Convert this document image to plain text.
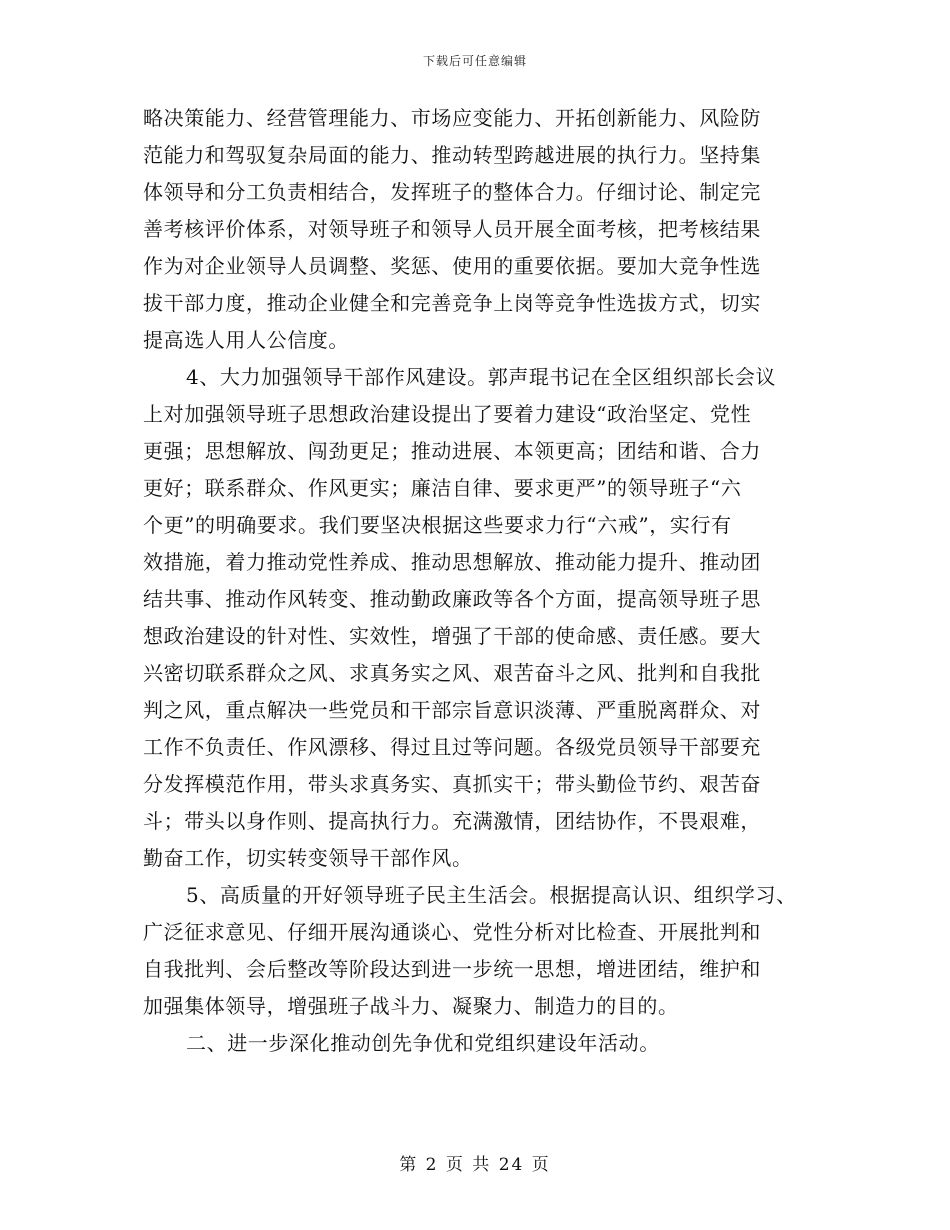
下载后可任意编辑
略决策能力、经营管理能力、市场应变能力、开拓创新能力、风险防
范能力和驾驭复杂局面的能力、推动转型跨越进展的执行力。坚持集
体领导和分工负责相结合，发挥班子的整体合力。仔细讨论、制定完
善考核评价体系，对领导班子和领导人员开展全面考核，把考核结果
作为对企业领导人员调整、奖惩、使用的重要依据。要加大竞争性选
拔干部力度，推动企业健全和完善竞争上岗等竞争性选拔方式，切实
提高选人用人公信度。
4、大力加强领导干部作风建设。郭声琨书记在全区组织部长会议
上对加强领导班子思想政治建设提出了要着力建设“政治坚定、党性
更强；思想解放、闯劲更足；推动进展、本领更高；团结和谐、合力
更好；联系群众、作风更实；廉洁自律、要求更严”的领导班子“六
个更”的明确要求。我们要坚决根据这些要求力行“六戒”，实行有
效措施，着力推动党性养成、推动思想解放、推动能力提升、推动团
结共事、推动作风转变、推动勤政廉政等各个方面，提高领导班子思
想政治建设的针对性、实效性，增强了干部的使命感、责任感。要大
兴密切联系群众之风、求真务实之风、艰苦奋斗之风、批判和自我批
判之风，重点解决一些党员和干部宗旨意识淡薄、严重脱离群众、对
工作不负责任、作风漂移、得过且过等问题。各级党员领导干部要充
分发挥模范作用，带头求真务实、真抓实干；带头勤俭节约、艰苦奋
斗；带头以身作则、提高执行力。充满激情，团结协作，不畏艰难，
勤奋工作，切实转变领导干部作风。
5、高质量的开好领导班子民主生活会。根据提高认识、组织学习、
广泛征求意见、仔细开展沟通谈心、党性分析对比检查、开展批判和
自我批判、会后整改等阶段达到进一步统一思想，增进团结，维护和
加强集体领导，增强班子战斗力、凝聚力、制造力的目的。
二、进一步深化推动创先争优和党组织建设年活动。
第 2 页 共 24 页
